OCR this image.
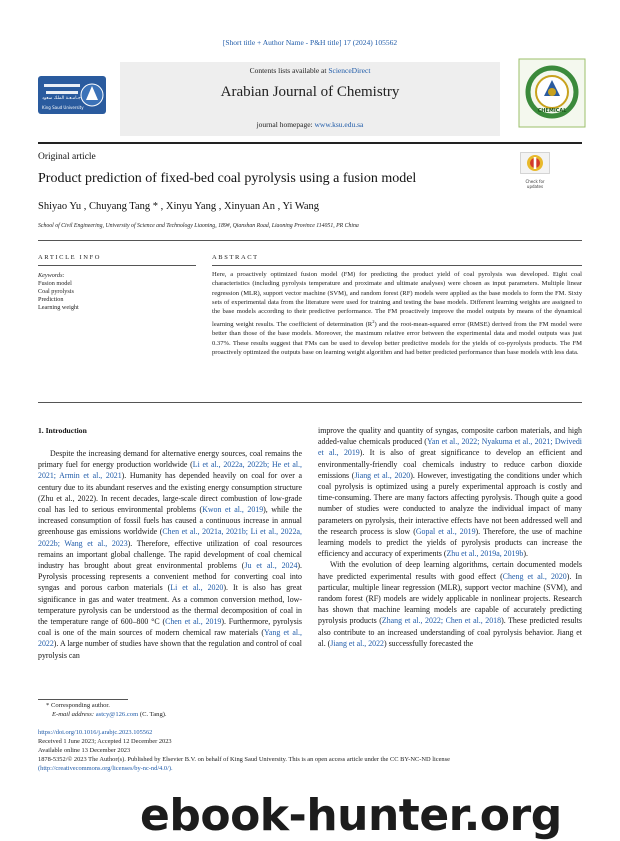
[Short title + Author Name - P&H title] 17 (2024) 105562
جـامـعـة الملك سعود
King Saud University
Contents lists available at ScienceDirect
Arabian Journal of Chemistry
journal homepage: www.ksu.edu.sa
CHEMICAL
Original article
Product prediction of fixed-bed coal pyrolysis using a fusion model	Check for
updates
Shiyao Yu , Chuyang Tang * , Xinyu Yang , Xinyuan An , Yi Wang
School of Civil Engineering, University of Science and Technology Liaoning, 189#, Qianshan Road, Liaoning Province 114051, PR China
ARTICLE INFO
Keywords:
Fusion model
Coal pyrolysis
Prediction
Learning weight
ABSTRACT
Here, a proactively optimized fusion model (FM) for predicting the product yield of coal pyrolysis was developed. Eight coal characteristics (including pyrolysis temperature and proximate and ultimate analyses) were chosen as input parameters. Multiple linear regression (MLR), support vector machine (SVM), and random forest (RF) models were applied as the base models to form the FM. Sixty sets of experimental data from the literature were used for training and testing the base models. Different learning weights are assigned to the base models according to their predictive performance. The FM proactively improve the model outputs by means of the dynamical learning weight results. The coefficient of determination $(R^2)$ and the root-mean-squared error (RMSE) derived from the FM model were better than those of the base models. Moreover, the maximum relative error between the experimental data and model outputs was just 0.37%. These results suggest that FMs can be used to develop better predictive models for the yields of co-pyrolysis products. The FM proactively optimized the outputs base on learning weight algorithm and had better predicted performance than base models with less data.
1. Introduction

Despite the increasing demand for alternative energy sources, coal remains the primary fuel for energy production worldwide (Li et al., 2022a, 2022b; He et al., 2021; Armin et al., 2021). Humanity has depended heavily on coal for over a century due to its abundant reserves and the existing energy consumption structure (Zhu et al., 2022). In recent decades, large-scale direct combustion of low-grade coal has led to serious environmental problems (Kwon et al., 2019), while the increased consumption of fossil fuels has caused a continuous increase in annual greenhouse gas emissions worldwide (Chen et al., 2021a, 2021b; Li et al., 2022a, 2022b; Wang et al., 2023). Therefore, effective utilization of coal resources remains an important global challenge. The rapid development of coal chemical industry has brought about great environmental problems (Ju et al., 2024). Pyrolysis processing represents a convenient method for converting coal into syngas and porous carbon materials (Li et al., 2020). It is also has great significance in gas and water treatment. As a common conversion method, low-temperature pyrolysis can be understood as the thermal decomposition of coal in the temperature range of 600–800 °C (Chen et al., 2019). Furthermore, pyrolysis coal is one of the main sources of modern chemical raw materials (Yang et al., 2022). A large number of studies have shown that the regulation and control of coal pyrolysis can

improve the quality and quantity of syngas, composite carbon materials, and high added-value chemicals produced (Yan et al., 2022; Nyakuma et al., 2021; Dwivedi et al., 2019). It is also of great significance to develop an efficient and environmentally-friendly coal chemicals industry to reduce carbon dioxide emissions (Jiang et al., 2020). However, investigating the conditions under which coal pyrolysis is optimized using a purely experimental approach is costly and time-consuming. There are many factors affecting pyrolysis. Though quite a good number of studies were conducted to analyze the individual impact of many parameters on pyrolysis, their interactive effects have not been addressed well and the research process is slow (Gopal et al., 2019). Therefore, the use of machine learning models to predict the yields of pyrolysis products can increase the efficiency and accuracy of experiments (Zhu et al., 2019a, 2019b).

With the evolution of deep learning algorithms, certain documented models have predicted experimental results with good effect (Cheng et al., 2020). In particular, multiple linear regression (MLR), support vector machine (SVM), and random forest (RF) models are widely applicable in nonlinear projects. Research has shown that machine learning models are capable of accurately predicting pyrolysis products (Zhang et al., 2022; Chen et al., 2018). These predicted results also contribute to an increased understanding of coal pyrolysis behavior. Jiang et al. (Jiang et al., 2022) successfully forecasted the

* Corresponding author.
E-mail address: astcy@126.com (C. Tang).
https://doi.org/10.1016/j.arabjc.2023.105562
Received 1 June 2023; Accepted 12 December 2023
Available online 13 December 2023
1878-5352/© 2023 The Author(s). Published by Elsevier B.V. on behalf of King Saud University. This is an open access article under the CC BY-NC-ND license
(http://creativecommons.org/licenses/by-nc-nd/4.0/).
ebook-hunter.org
